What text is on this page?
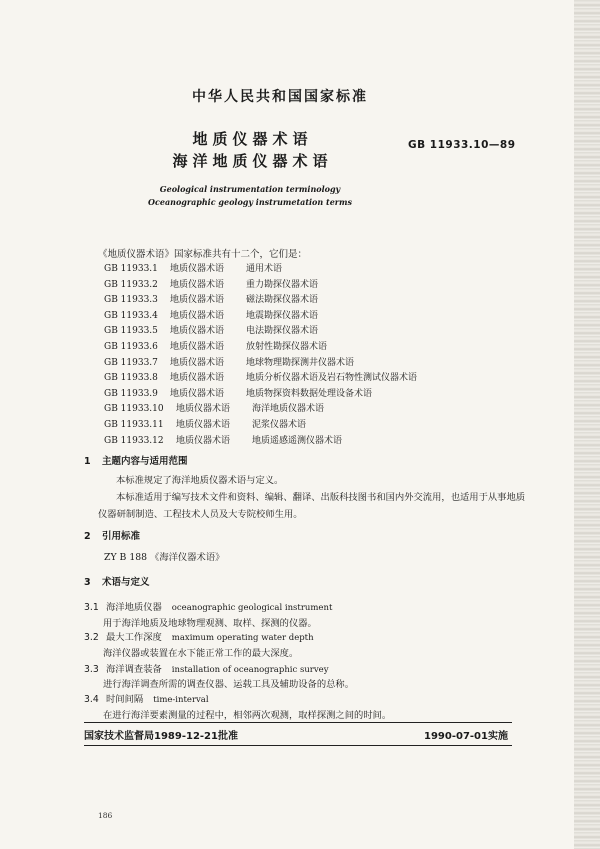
中华人民共和国国家标准
地质仪器术语
海洋地质仪器术语
GB 11933.10—89
Geological instrumentation terminology
Oceanographic geology instrumetation terms
《地质仪器术语》国家标准共有十二个，它们是：
GB 11933.1 地质仪器术语 通用术语
GB 11933.2 地质仪器术语 重力勘探仪器术语
GB 11933.3 地质仪器术语 磁法勘探仪器术语
GB 11933.4 地质仪器术语 地震勘探仪器术语
GB 11933.5 地质仪器术语 电法勘探仪器术语
GB 11933.6 地质仪器术语 放射性勘探仪器术语
GB 11933.7 地质仪器术语 地球物理勘探测井仪器术语
GB 11933.8 地质仪器术语 地质分析仪器术语及岩石物性测试仪器术语
GB 11933.9 地质仪器术语 地质物探资料数据处理设备术语
GB 11933.10 地质仪器术语 海洋地质仪器术语
GB 11933.11 地质仪器术语 泥浆仪器术语
GB 11933.12 地质仪器术语 地质遥感遥测仪器术语
1 主题内容与适用范围
本标准规定了海洋地质仪器术语与定义。
本标准适用于编写技术文件和资料、编辑、翻译、出版科技图书和国内外交流用，也适用于从事地质
仪器研制制造、工程技术人员及大专院校师生用。
2 引用标准
ZY B 188 《海洋仪器术语》
3 术语与定义
3.1 海洋地质仪器 oceanographic geological instrument
用于海洋地质及地球物理观测、取样、探测的仪器。
3.2 最大工作深度 maximum operating water depth
海洋仪器或装置在水下能正常工作的最大深度。
3.3 海洋调查装备 installation of oceanographic survey
进行海洋调查所需的调查仪器、运载工具及辅助设备的总称。
3.4 时间间隔 time-interval
在进行海洋要素测量的过程中，相邻两次观测，取样探测之间的时间。
国家技术监督局1989-12-21批准	1990-07-01实施
186
